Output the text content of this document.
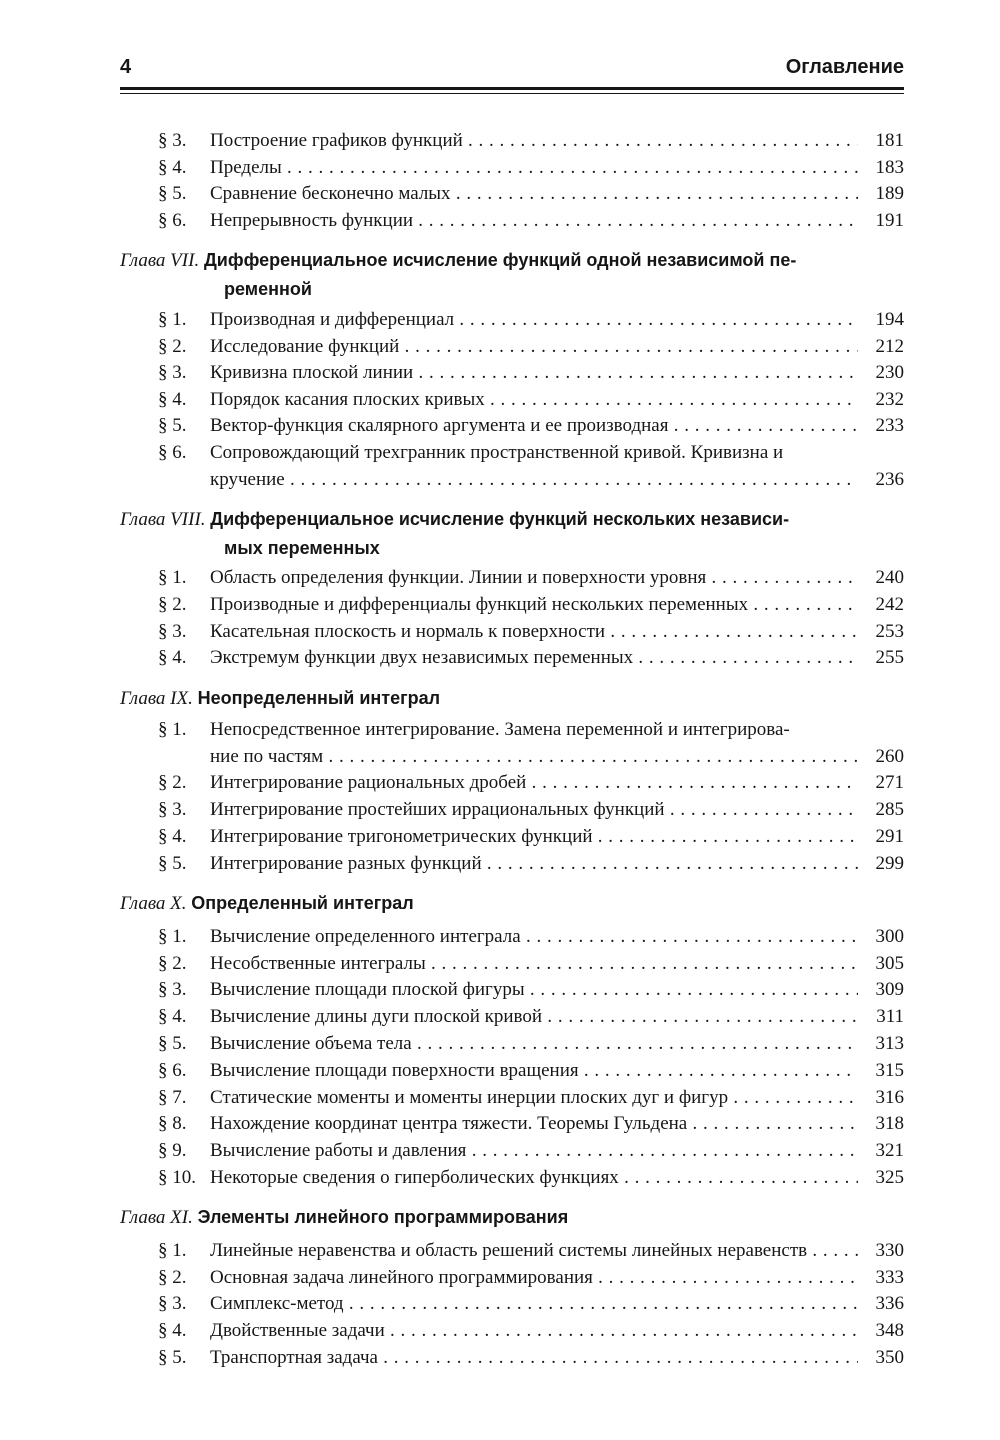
4	Оглавление
§ 3.	Построение графиков функций . . .	181
§ 4.	Пределы . . .	183
§ 5.	Сравнение бесконечно малых . . .	189
§ 6.	Непрерывность функции . . .	191
Глава VII. Дифференциальное исчисление функций одной независимой пе-
ременной
§ 1.	Производная и дифференциал . . .	194
§ 2.	Исследование функций . . .	212
§ 3.	Кривизна плоской линии . . .	230
§ 4.	Порядок касания плоских кривых . . .	232
§ 5.	Вектор-функция скалярного аргумента и ее производная . . .	233
§ 6.	Сопровождающий трехгранник пространственной кривой. Кривизна и
кручение . . .	236
Глава VIII. Дифференциальное исчисление функций нескольких независи-
мых переменных
§ 1.	Область определения функции. Линии и поверхности уровня . . .	240
§ 2.	Производные и дифференциалы функций нескольких переменных . . .	242
§ 3.	Касательная плоскость и нормаль к поверхности . . .	253
§ 4.	Экстремум функции двух независимых переменных . . .	255
Глава IX. Неопределенный интеграл
§ 1.	Непосредственное интегрирование. Замена переменной и интегрирова-
ние по частям . . .	260
§ 2.	Интегрирование рациональных дробей . . .	271
§ 3.	Интегрирование простейших иррациональных функций . . .	285
§ 4.	Интегрирование тригонометрических функций . . .	291
§ 5.	Интегрирование разных функций . . .	299
Глава X. Определенный интеграл
§ 1.	Вычисление определенного интеграла . . .	300
§ 2.	Несобственные интегралы . . .	305
§ 3.	Вычисление площади плоской фигуры . . .	309
§ 4.	Вычисление длины дуги плоской кривой . . .	311
§ 5.	Вычисление объема тела . . .	313
§ 6.	Вычисление площади поверхности вращения . . .	315
§ 7.	Статические моменты и моменты инерции плоских дуг и фигур . . .	316
§ 8.	Нахождение координат центра тяжести. Теоремы Гульдена . . .	318
§ 9.	Вычисление работы и давления . . .	321
§ 10. Некоторые сведения о гиперболических функциях . . .	325
Глава XI. Элементы линейного программирования
§ 1.	Линейные неравенства и область решений системы линейных неравенств . . .	330
§ 2.	Основная задача линейного программирования . . .	333
§ 3.	Симплекс-метод . . .	336
§ 4.	Двойственные задачи . . .	348
§ 5.	Транспортная задача . . .	350
